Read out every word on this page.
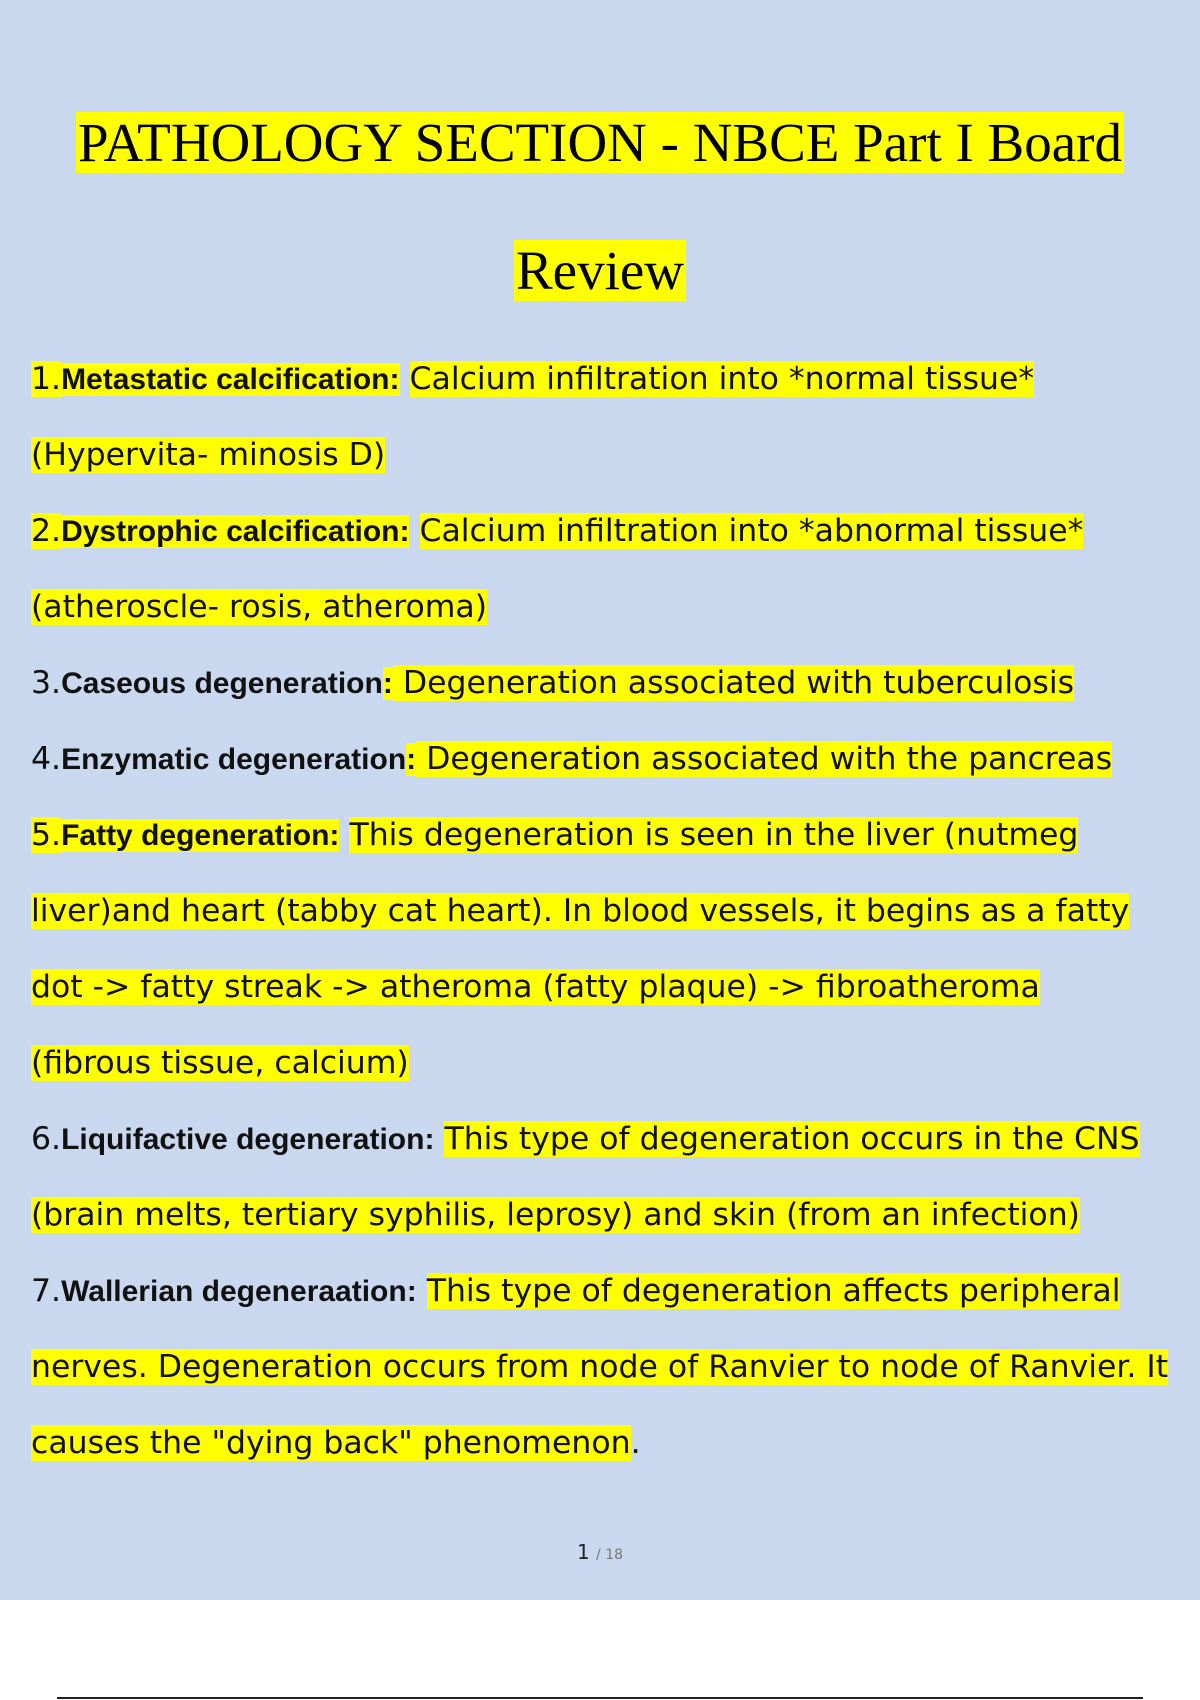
PATHOLOGY SECTION - NBCE Part I Board
Review
1.Metastatic calcification: Calcium infiltration into *normal tissue*
(Hypervita- minosis D)
2.Dystrophic calcification: Calcium infiltration into *abnormal tissue*
(atheroscle- rosis, atheroma)
3.Caseous degeneration: Degeneration associated with tuberculosis
4.Enzymatic degeneration: Degeneration associated with the pancreas
5.Fatty degeneration: This degeneration is seen in the liver (nutmeg
liver)and heart (tabby cat heart). In blood vessels, it begins as a fatty
dot -> fatty streak -> atheroma (fatty plaque) -> fibroatheroma
(fibrous tissue, calcium)
6.Liquifactive degeneration: This type of degeneration occurs in the CNS
(brain melts, tertiary syphilis, leprosy) and skin (from an infection)
7.Wallerian degeneraation: This type of degeneration affects peripheral
nerves. Degeneration occurs from node of Ranvier to node of Ranvier. It
causes the "dying back" phenomenon.
1 / 18
